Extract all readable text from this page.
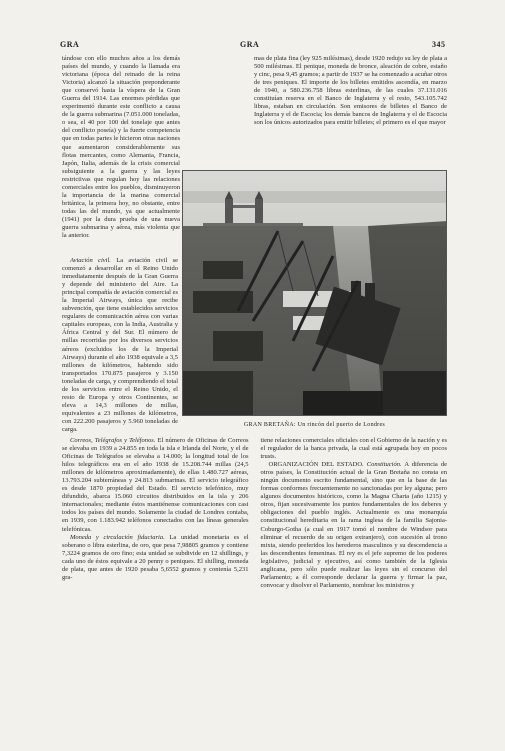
GRA	GRA	345

tándose con ello muchos años a los demás países del mundo, y cuando la llamada era victoriana (época del reinado de la reina Victoria) alcanzó la situación preponderante que conservó hasta la víspera de la Gran Guerra del 1914. Las enormes pérdidas que experimentó durante este conflicto a causa de la guerra submarina (7.051.000 toneladas, o sea, el 40 por 100 del tonelaje que antes del conflicto poseía) y la fuerte competencia que en todas partes le hicieron otras naciones que aumentaron considerablemente sus flotas mercantes, como Alemania, Francia, Japón, Italia, además de la crisis comercial subsiguiente a la guerra y las leyes restrictivas que regulan hoy las relaciones comerciales entre los pueblos, disminuyeron la importancia de la marina comercial británica, la primera hoy, no obstante, entre todas las del mundo, ya que actualmente (1941) por la dura prueba de una nueva guerra submarina y aérea, más violenta que la anterior.

mas de plata fina (ley 925 milésimas), desde 1920 redujo su ley de plata a 500 milésimas. El penique, moneda de bronce, aleación de cobre, estaño y cinc, pesa 9,45 gramos; a partir de 1937 se ha comenzado a acuñar otros de tres peniques. El importe de los billetes emitidos ascendía, en marzo de 1940, a 580.236.758 libras esterlinas, de las cuales 37.131.016 constituían reserva en el Banco de Inglaterra y el resto, 543.105.742 libras, estaban en circulación. Son emisores de billetes el Banco de Inglaterra y el de Escocia; los demás bancos de Inglaterra y el de Escocia son los únicos autorizados para emitir billetes; el primero es el que mayor

Aviación civil. La aviación civil se comenzó a desarrollar en el Reino Unido inmediatamente después de la Gran Guerra y depende del ministerio del Aire. La principal compañía de aviación comercial es la Imperial Airways, única que recibe subvención, que tiene establecidos servicios regulares de comunicación aérea con varias capitales europeas, con la India, Australia y África Central y del Sur. El número de millas recorridas por los diversos servicios aéreos (excluidos los de la Imperial Airways) durante el año 1938 equivale a 3,5 millones de kilómetros, habiendo sido transportados 170.875 pasajeros y 3.150 toneladas de carga, y comprendiendo el total de los servicios entre el Reino Unido, el resto de Europa y otros Continentes, se eleva a 14,3 millones de millas, equivalentes a 23 millones de kilómetros, con 222.200 pasajeros y 5.960 toneladas de carga.

GRAN BRETAÑA: Un rincón del puerto de Londres

Correos, Telégrafos y Teléfonos. El número de Oficinas de Correos se elevaba en 1939 a 24.855 en toda la isla e Irlanda del Norte, y el de Oficinas de Telégrafos se elevaba a 14.000; la longitud total de los hilos telegráficos era en el año 1938 de 15.208.744 millas (24,5 millones de kilómetros aproximadamente), de ellas 1.480.727 aéreas, 13.793.204 subterráneas y 24.813 submarinas. El servicio telegráfico es desde 1870 propiedad del Estado. El servicio telefónico, muy difundido, abarca 15.060 circuitos distribuidos en la isla y 206 internacionales; mediante éstos mantiénense comunicaciones con casi todos los países del mundo. Solamente la ciudad de Londres contaba, en 1939, con 1.183.942 teléfonos conectados con las líneas generales telefónicas.

Moneda y circulación fiduciaria. La unidad monetaria es el soberano o libra esterlina, de oro, que pesa 7,98805 gramos y contiene 7,3224 gramos de oro fino; esta unidad se subdivide en 12 shillings, y cada uno de éstos equivale a 20 penny o peniques. El shilling, moneda de plata, que antes de 1920 pesaba 5,6552 gramos y contenía 5,231 gra-

tiene relaciones comerciales oficiales con el Gobierno de la nación y es el regulador de la banca privada, la cual está agrupada hoy en pocos trusts.

ORGANIZACIÓN DEL ESTADO. Constitución. A diferencia de otros países, la Constitución actual de la Gran Bretaña no consta en ningún documento escrito fundamental, sino que en la base de las formas conformes frecuentemente no sancionadas por ley alguna; pero algunos documentos históricos, como la Magna Charta (año 1215) y otros, fijan sucesivamente los puntos fundamentales de los deberes y obligaciones del pueblo inglés. Actualmente es una monarquía constitucional hereditaria en la rama inglesa de la familia Sajonia-Coburgo-Gotha (a cual en 1917 tomó el nombre de Windsor para eliminar el recuerdo de su origen extranjero), con sucesión al trono mixta, siendo preferidos los herederos masculinos y su descendencia a las descendientes femeninas. El rey es el jefe supremo de los poderes legislativo, judicial y ejecutivo, así como también de la Iglesia anglicana, pero sólo puede realizar las leyes sin el concurso del Parlamento; a él corresponde declarar la guerra y firmar la paz, convocar y disolver el Parlamento, nombrar los ministros y
